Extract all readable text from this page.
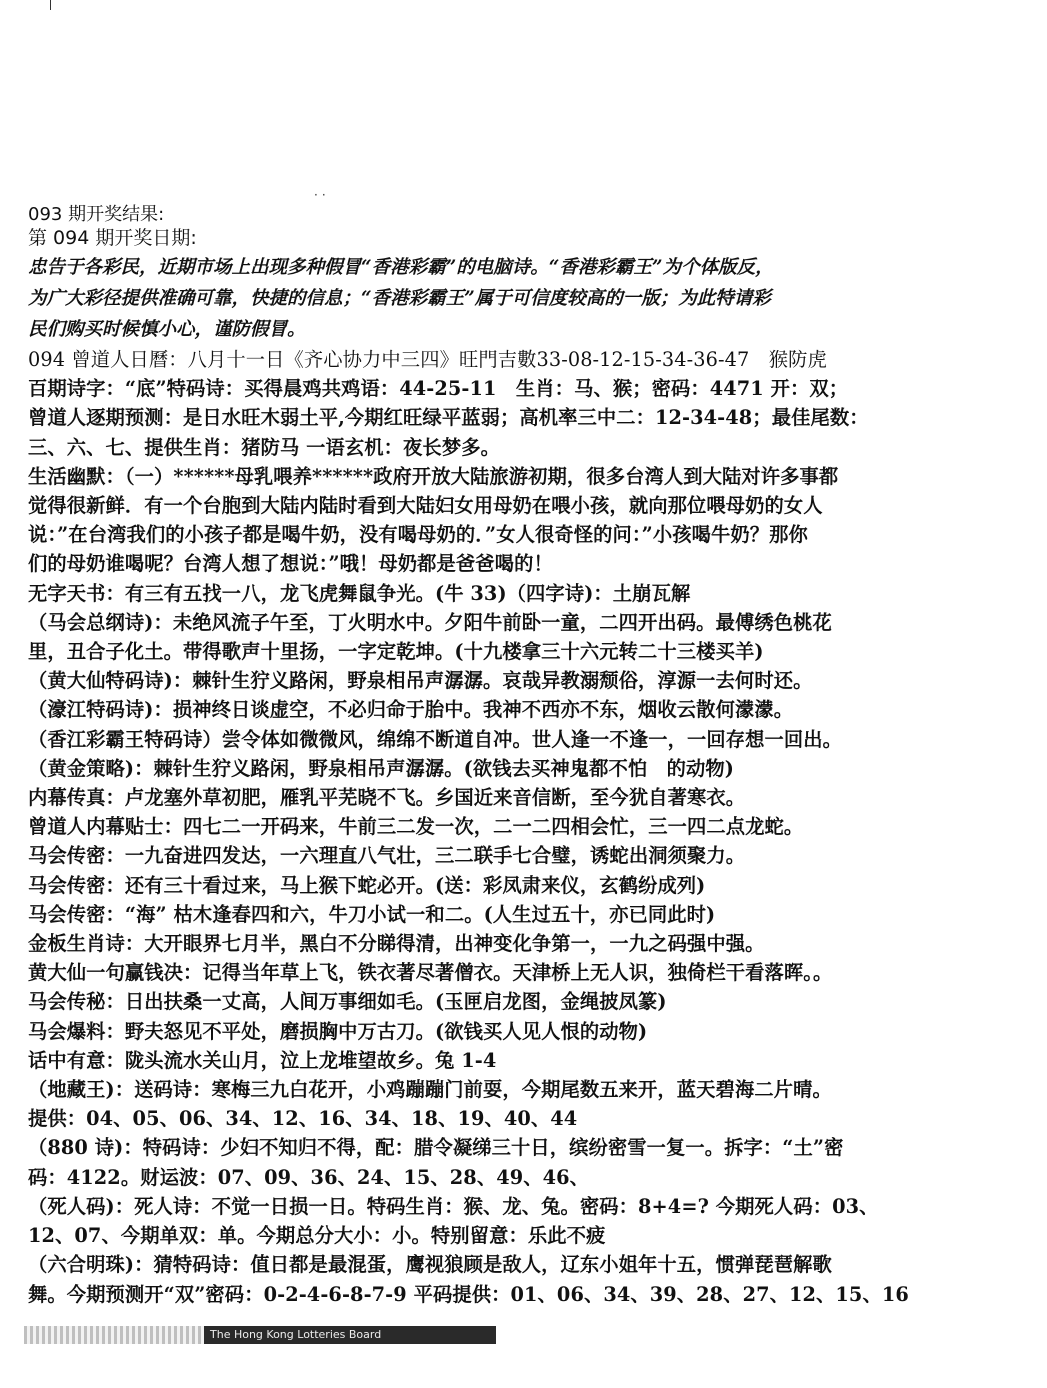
··
093 期开奖结果:
第 094 期开奖日期:
忠告于各彩民，近期市场上出现多种假冒“香港彩霸”的电脑诗。“香港彩霸王”为个体版反，
为广大彩径提供准确可靠，快捷的信息；“香港彩霸王”属于可信度较高的一版；为此特请彩
民们购买时候慎小心，谨防假冒。
094 曾道人日曆：八月十一日《齐心协力中三四》旺門吉數33-08-12-15-34-36-47　猴防虎
百期诗字：“底”特码诗：买得晨鸡共鸡语：44-25-11　生肖：马、猴；密码：4471 开：双；
曾道人逐期预测：是日水旺木弱土平,今期红旺绿平蓝弱；高机率三中二：12-34-48；最佳尾数：
三、六、七、提供生肖：猪防马 一语玄机：夜长梦多。
生活幽默：（一）******母乳喂养******政府开放大陆旅游初期，很多台湾人到大陆对许多事都
觉得很新鲜．有一个台胞到大陆内陆时看到大陆妇女用母奶在喂小孩，就向那位喂母奶的女人
说：”在台湾我们的小孩子都是喝牛奶，没有喝母奶的．”女人很奇怪的问：”小孩喝牛奶？那你
们的母奶谁喝呢？台湾人想了想说：”哦！母奶都是爸爸喝的！
无字天书：有三有五找一八，龙飞虎舞鼠争光。(牛 33)（四字诗)：土崩瓦解
（马会总纲诗)：未绝风流子午至，丁火明水中。夕阳牛前卧一童，二四开出码。最傅绣色桃花
里，丑合子化土。带得歌声十里扬，一字定乾坤。(十九楼拿三十六元转二十三楼买羊)
（黄大仙特码诗)：棘针生狞义路闲，野泉相吊声潺潺。哀哉异教溺颓俗，淳源一去何时还。
（濠江特码诗)：损神终日谈虚空，不必归命于胎中。我神不西亦不东，烟收云散何濛濛。
（香江彩霸王特码诗）尝令体如微微风，绵绵不断道自冲。世人逢一不逢一，一回存想一回出。
（黄金策略)：棘针生狞义路闲，野泉相吊声潺潺。(欲钱去买神鬼都不怕　的动物)
内幕传真：卢龙塞外草初肥，雁乳平芜晓不飞。乡国近来音信断，至今犹自著寒衣。
曾道人内幕贴士：四七二一开码来，牛前三二发一次，二一二四相会忙，三一四二点龙蛇。
马会传密：一九奋进四发达，一六理直八气壮，三二联手七合璧，诱蛇出洞须聚力。
马会传密：还有三十看过来，马上猴下蛇必开。(送：彩凤肃来仪，玄鹤纷成列)
马会传密：“海” 枯木逢春四和六，牛刀小试一和二。(人生过五十，亦已同此时)
金板生肖诗：大开眼界七月半，黑白不分睇得清，出神变化争第一，一九之码强中强。
黄大仙一句赢钱决：记得当年草上飞，铁衣著尽著僧衣。天津桥上无人识，独倚栏干看落晖。。
马会传秘：日出扶桑一丈高，人间万事细如毛。(玉匣启龙图，金绳披凤篆)
马会爆料：野夫怒见不平处，磨损胸中万古刀。(欲钱买人见人恨的动物)
话中有意：陇头流水关山月，泣上龙堆望故乡。兔 1-4
（地藏王)：送码诗：寒梅三九白花开，小鸡蹦蹦门前耍，今期尾数五来开，蓝天碧海二片晴。
提供：04、05、06、34、12、16、34、18、19、40、44
（880 诗)：特码诗：少妇不知归不得，配：腊令凝绨三十日，缤纷密雪一复一。拆字：“土”密
码：4122。财运波：07、09、36、24、15、28、49、46、
（死人码)：死人诗：不觉一日损一日。特码生肖：猴、龙、兔。密码：8+4=? 今期死人码：03、
12、07、今期单双：单。今期总分大小：小。特别留意：乐此不疲
（六合明珠)：猜特码诗：值日都是最混蛋，鹰视狼顾是敌人，辽东小姐年十五，惯弹琵琶解歌
舞。今期预测开“双”密码：0-2-4-6-8-7-9 平码提供：01、06、34、39、28、27、12、15、16
The Hong Kong Lotteries Board
